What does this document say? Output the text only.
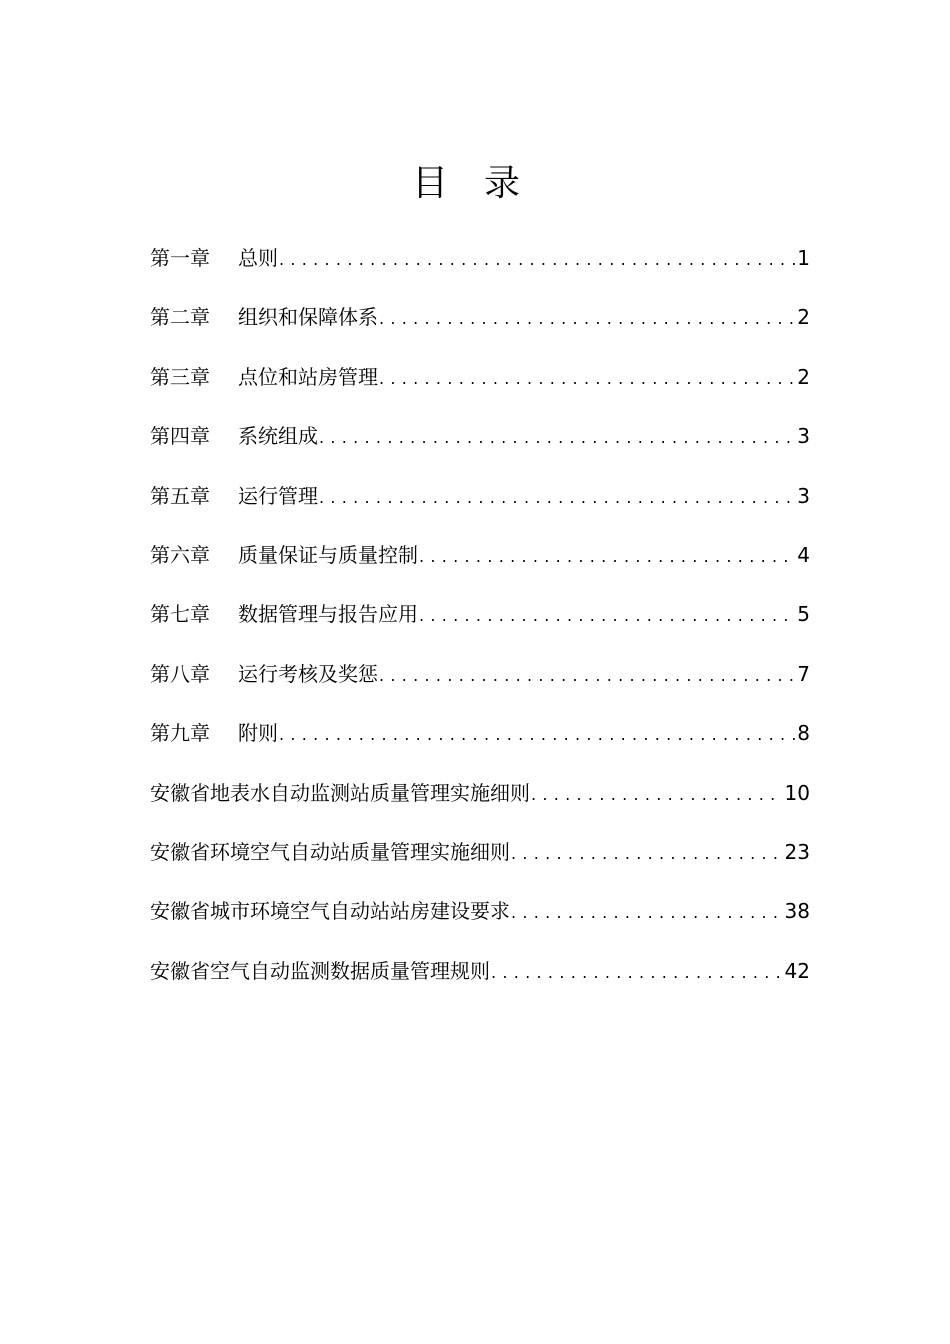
目录
第一章	总则 .....	1
第二章	组织和保障体系 .....	2
第三章	点位和站房管理 .....	2
第四章	系统组成 .....	3
第五章	运行管理 .....	3
第六章	质量保证与质量控制 .....	4
第七章	数据管理与报告应用 .....	5
第八章	运行考核及奖惩 .....	7
第九章	附则 .....	8
安徽省地表水自动监测站质量管理实施细则 .....	10
安徽省环境空气自动站质量管理实施细则 .....	23
安徽省城市环境空气自动站站房建设要求 .....	38
安徽省空气自动监测数据质量管理规则 .....	42
